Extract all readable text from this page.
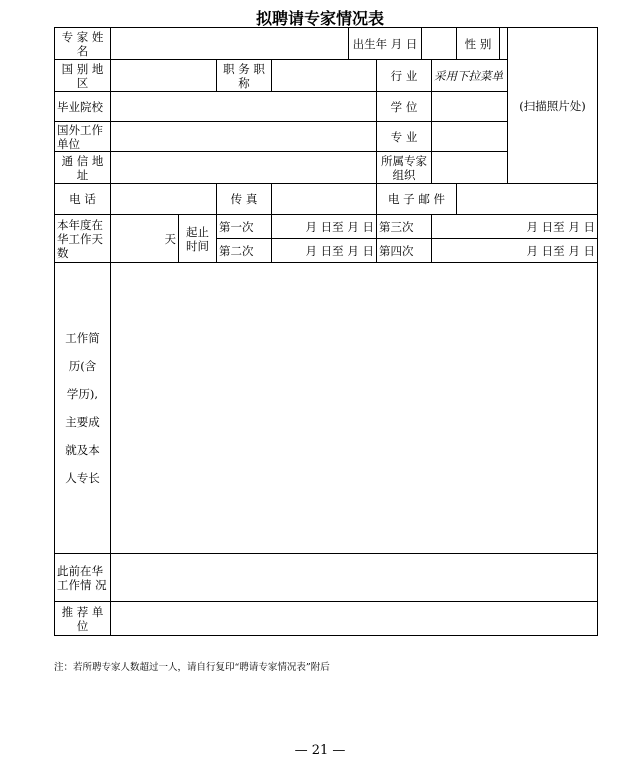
拟聘请专家情况表
专 家 姓 名		出生年 月 日			性 别	
	(扫描照片处)
国 别 地 区		职 务 职 称		行 业	采用下拉菜单
毕业院校		学 位	
国外工作单位		专 业	
通 信 地 址		所属专家组织	
电 话		传 真		电 子 邮 件	
本年度在华工作天数	天	起止时间	第一次	月 日至 月 日	第三次	月 日至 月 日
第二次	月 日至 月 日	第四次	月 日至 月 日

工作简
历(含
学历),
主要成
就及本
人专长

此前在华工作情 况	
推 荐 单 位	
注：若所聘专家人数超过一人，请自行复印“聘请专家情况表”附后
— 21 —
